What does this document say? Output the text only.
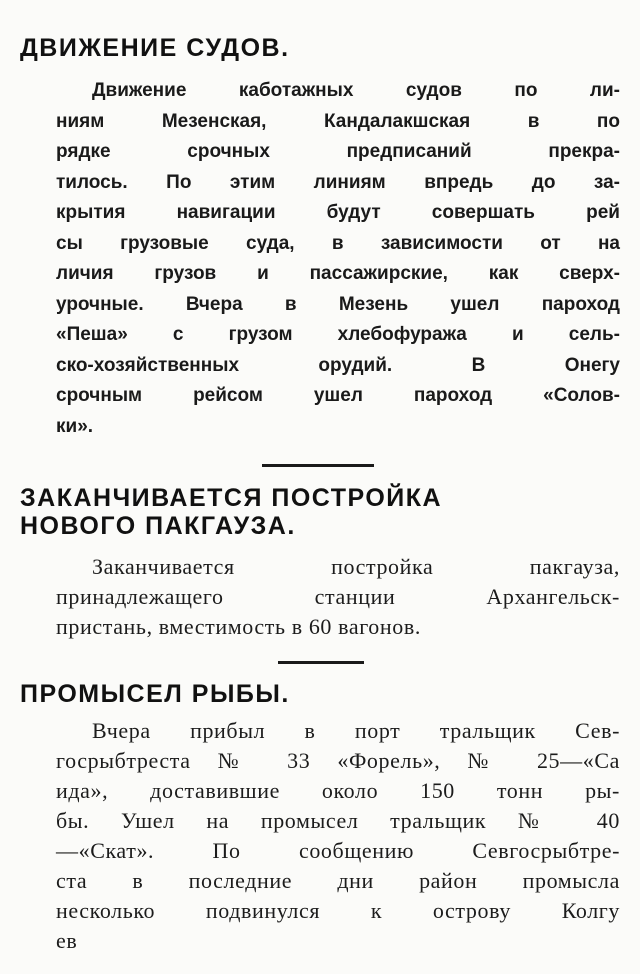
ДВИЖЕНИЕ СУДОВ.
Движение каботажных судов по ли-
ниям Мезенская, Кандалакшская в по
рядке срочных предписаний прекра-
тилось. По этим линиям впредь до за-
крытия навигации будут совершать рей
сы грузовые суда, в зависимости от на
личия грузов и пассажирские, как сверх-
урочные. Вчера в Мезень ушел пароход
«Пеша» с грузом хлебофуража и сель-
ско-хозяйственных орудий. В Онегу
срочным рейсом ушел пароход «Солов-
ки».
ЗАКАНЧИВАЕТСЯ ПОСТРОЙКА
НОВОГО ПАКГАУЗА.
Заканчивается постройка пакгауза,
принадлежащего станции Архангельск-
пристань, вместимость в 60 вагонов.
ПРОМЫСЕЛ РЫБЫ.
Вчера прибыл в порт тральщик Сев-
госрыбтреста № 33 «Форель», № 25—«Са
ида», доставившие около 150 тонн ры-
бы. Ушел на промысел тральщик № 40
—«Скат». По сообщению Севгосрыбтре-
ста в последние дни район промысла
несколько подвинулся к острову Колгу
ев
